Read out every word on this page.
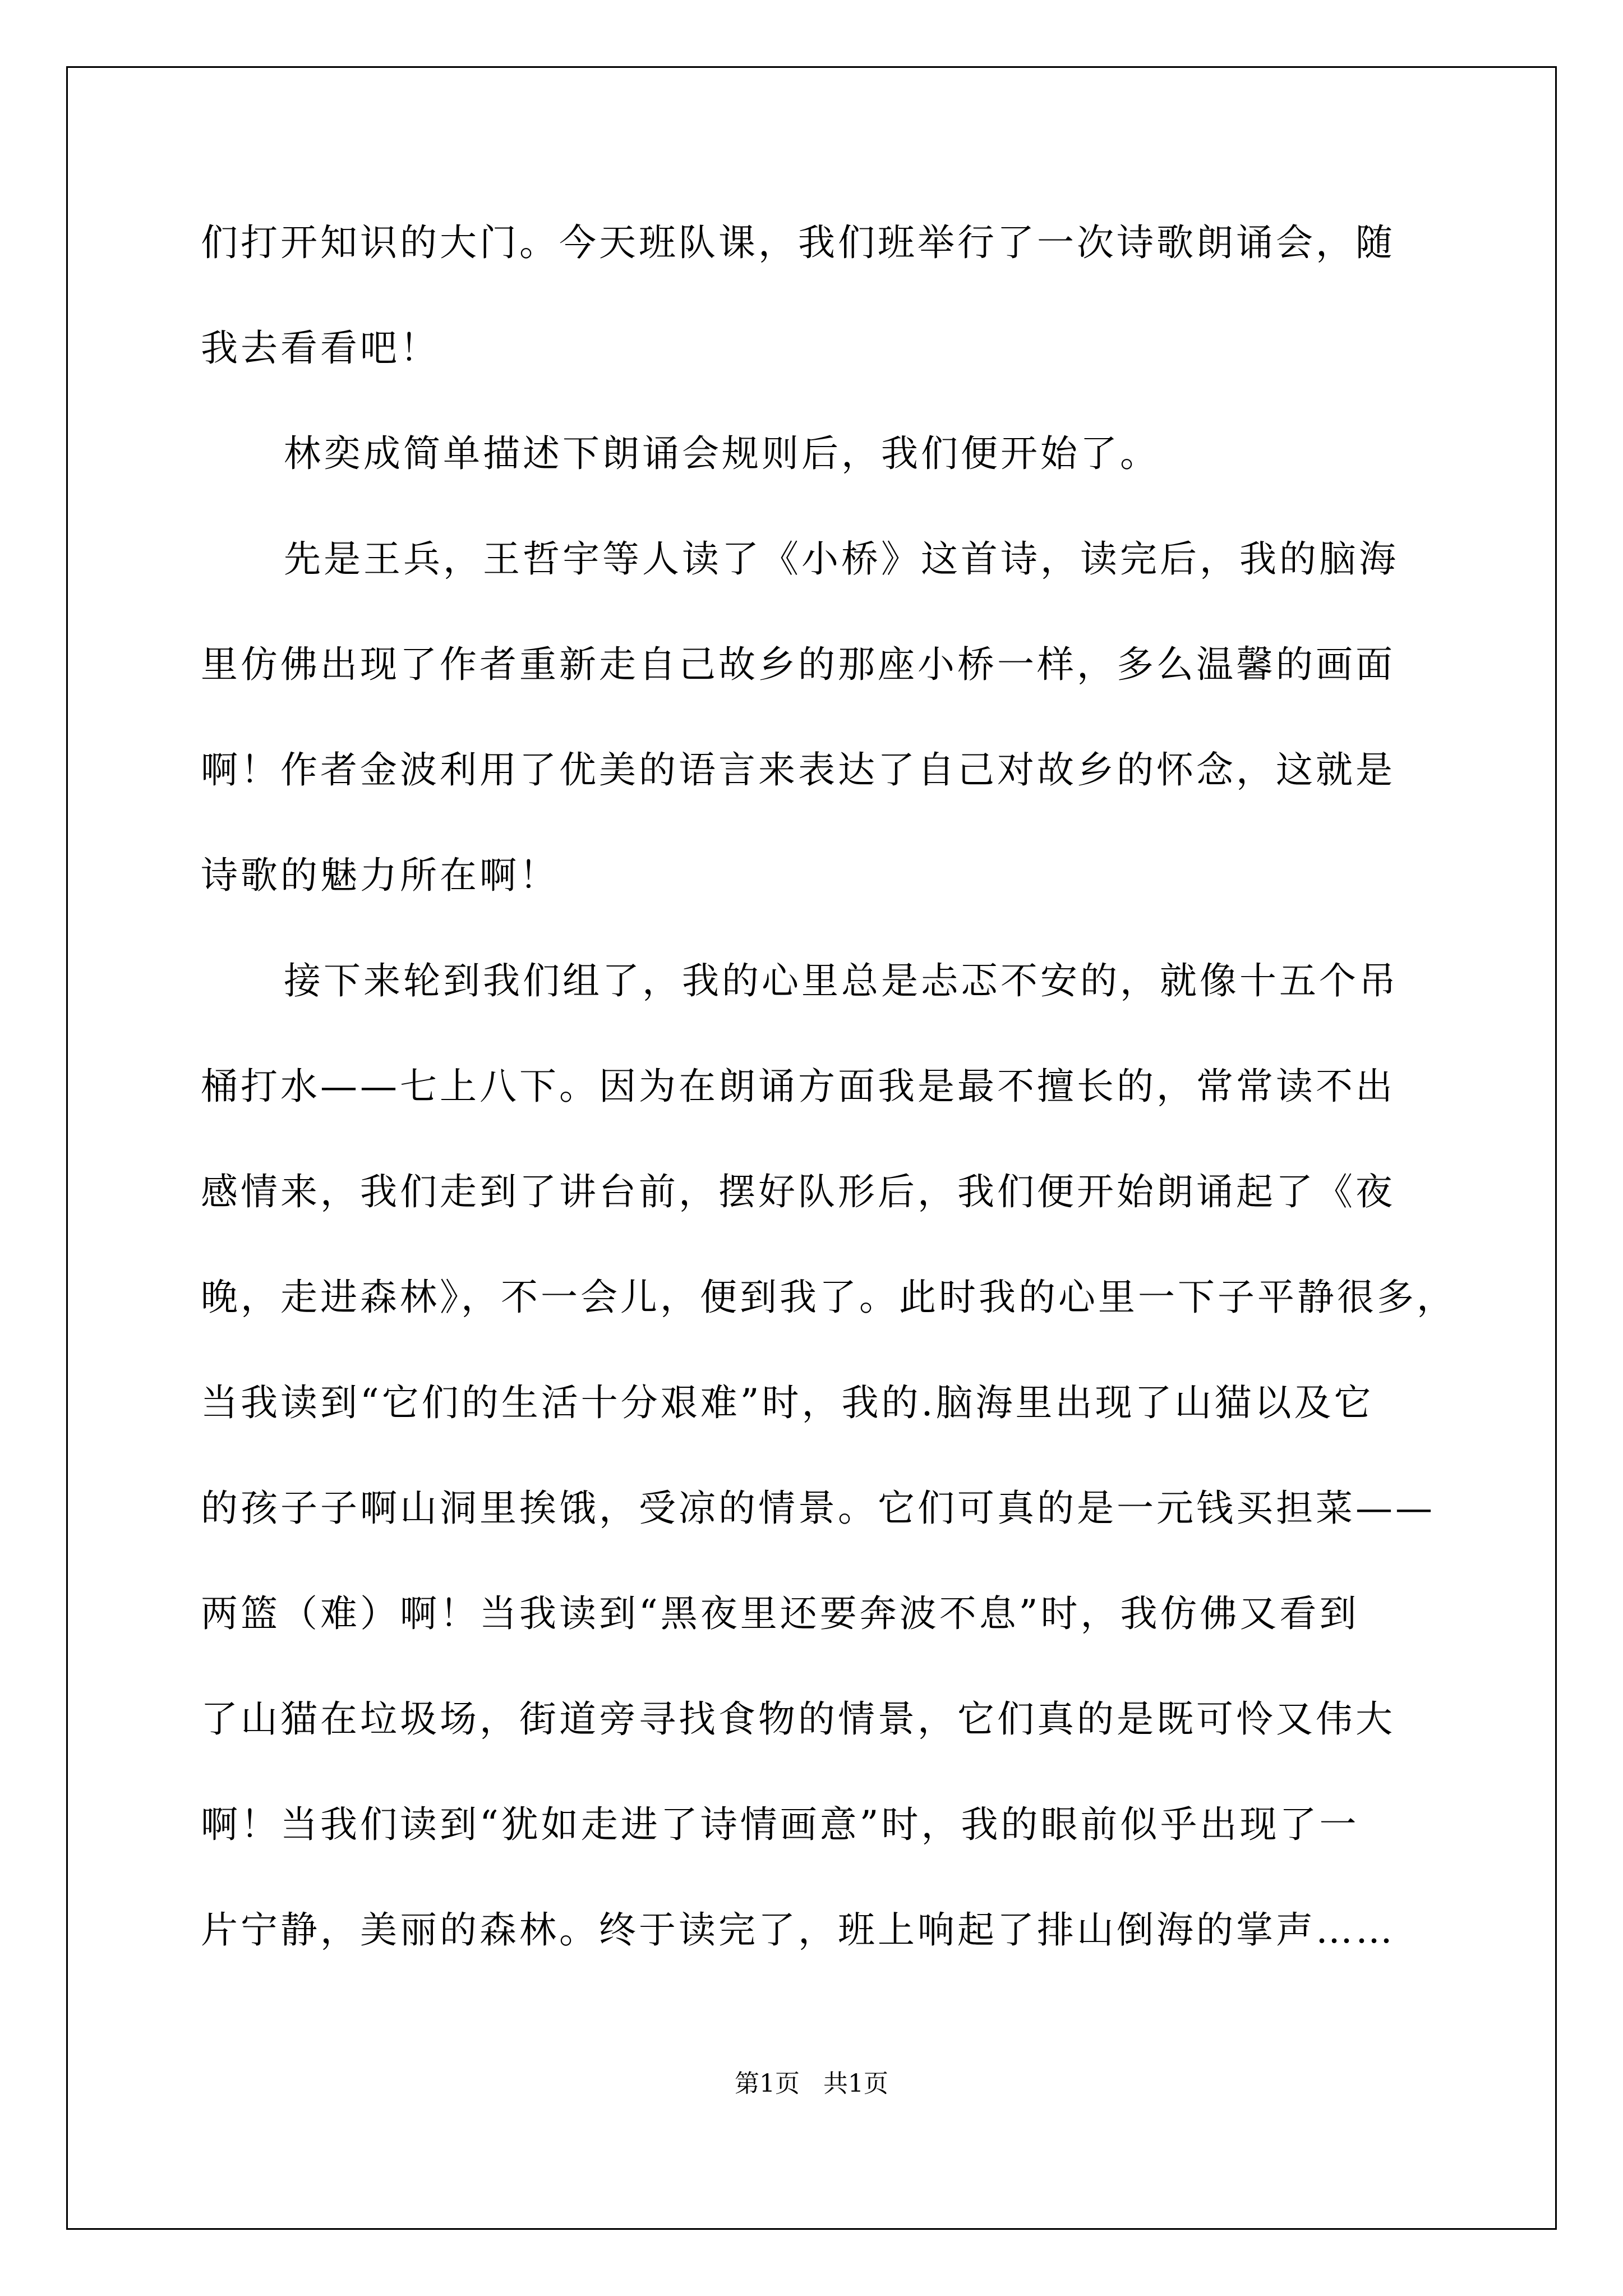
们打开知识的大门。今天班队课，我们班举行了一次诗歌朗诵会，随
我去看看吧！
林奕成简单描述下朗诵会规则后，我们便开始了。
先是王兵，王哲宇等人读了《小桥》这首诗，读完后，我的脑海
里仿佛出现了作者重新走自己故乡的那座小桥一样，多么温馨的画面
啊！作者金波利用了优美的语言来表达了自己对故乡的怀念，这就是
诗歌的魅力所在啊！
接下来轮到我们组了，我的心里总是忐忑不安的，就像十五个吊
桶打水——七上八下。因为在朗诵方面我是最不擅长的，常常读不出
感情来，我们走到了讲台前，摆好队形后，我们便开始朗诵起了《夜
晚，走进森林》，不一会儿，便到我了。此时我的心里一下子平静很多，
当我读到“它们的生活十分艰难”时，我的.脑海里出现了山猫以及它
的孩子子啊山洞里挨饿，受凉的情景。它们可真的是一元钱买担菜——
两篮（难）啊！当我读到“黑夜里还要奔波不息”时，我仿佛又看到
了山猫在垃圾场，街道旁寻找食物的情景，它们真的是既可怜又伟大
啊！当我们读到“犹如走进了诗情画意”时，我的眼前似乎出现了一
片宁静，美丽的森林。终于读完了，班上响起了排山倒海的掌声……
第1页   共1页
